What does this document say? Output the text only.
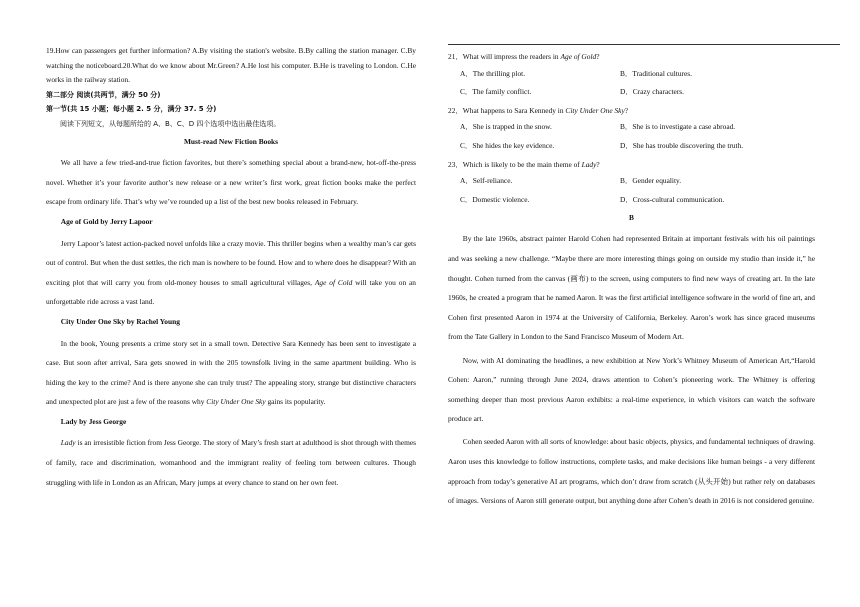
19.How can passengers get further information? A.By visiting the station's website. B.By calling the station manager. C.By watching the noticeboard.20.What do we know about Mr.Green? A.He lost his computer. B.He is traveling to London. C.He works in the railway station.

第二部分 阅读(共两节，满分 50 分)

第一节(共 15 小题；每小题 2. 5 分，满分 37. 5 分)

阅读下列短文，从每题所给的 A、B、C、D 四个选项中选出最佳选项。

Must-read New Fiction Books

We all have a few tried-and-true fiction favorites, but there’s something special about a brand-new, hot-off-the-press novel. Whether it’s your favorite author’s new release or a new writer’s first work, great fiction books make the perfect escape from ordinary life. That’s why we’ve rounded up a list of the best new books released in February.

Age of Gold by Jerry Lapoor

Jerry Lapoor’s latest action-packed novel unfolds like a crazy movie. This thriller begins when a wealthy man’s car gets out of control. But when the dust settles, the rich man is nowhere to be found. How and to where does he disappear? With an exciting plot that will carry you from old-money houses to small agricultural villages, Age of Cold will take you on an unforgettable ride across a vast land.

City Under One Sky by Rachel Young

In the book, Young presents a crime story set in a small town. Detective Sara Kennedy has been sent to investigate a case. But soon after arrival, Sara gets snowed in with the 205 townsfolk living in the same apartment building. Who is hiding the key to the crime? And is there anyone she can truly trust? The appealing story, strange but distinctive characters and unexpected plot are just a few of the reasons why City Under One Sky gains its popularity.

Lady by Jess George

Lady is an irresistible fiction from Jess George. The story of Mary’s fresh start at adulthood is shot through with themes of family, race and discrimination, womanhood and the immigrant reality of feeling torn between cultures. Though struggling with life in London as an African, Mary jumps at every chance to stand on her own feet.

21．What will impress the readers in Age of Gold?

A．The thrilling plot.	B．Traditional cultures.
C．The family conflict.	D．Crazy characters.

22．What happens to Sara Kennedy in City Under One Sky?

A．She is trapped in the snow.	B．She is to investigate a case abroad.
C．She hides the key evidence.	D．She has trouble discovering the truth.

23．Which is likely to be the main theme of Lady?

A．Self-reliance.	B．Gender equality.
C．Domestic violence.	D．Cross-cultural communication.

B

By the late 1960s, abstract painter Harold Cohen had represented Britain at important festivals with his oil paintings and was seeking a new challenge. “Maybe there are more interesting things going on outside my studio than inside it,” he thought. Cohen turned from the canvas (画布) to the screen, using computers to find new ways of creating art. In the late 1960s, he created a program that he named Aaron. It was the first artificial intelligence software in the world of fine art, and Cohen first presented Aaron in 1974 at the University of California, Berkeley. Aaron’s work has since graced museums from the Tate Gallery in London to the Sand Francisco Museum of Modern Art.

Now, with AI dominating the headlines, a new exhibition at New York’s Whitney Museum of American Art,“Harold Cohen: Aaron,” running through June 2024, draws attention to Cohen’s pioneering work. The Whitney is offering something deeper than most previous Aaron exhibits: a real-time experience, in which visitors can watch the software produce art.

Cohen seeded Aaron with all sorts of knowledge: about basic objects, physics, and fundamental techniques of drawing. Aaron uses this knowledge to follow instructions, complete tasks, and make decisions like human beings - a very different approach from today’s generative AI art programs, which don’t draw from scratch (从头开始) but rather rely on databases of images. Versions of Aaron still generate output, but anything done after Cohen’s death in 2016 is not considered genuine.
